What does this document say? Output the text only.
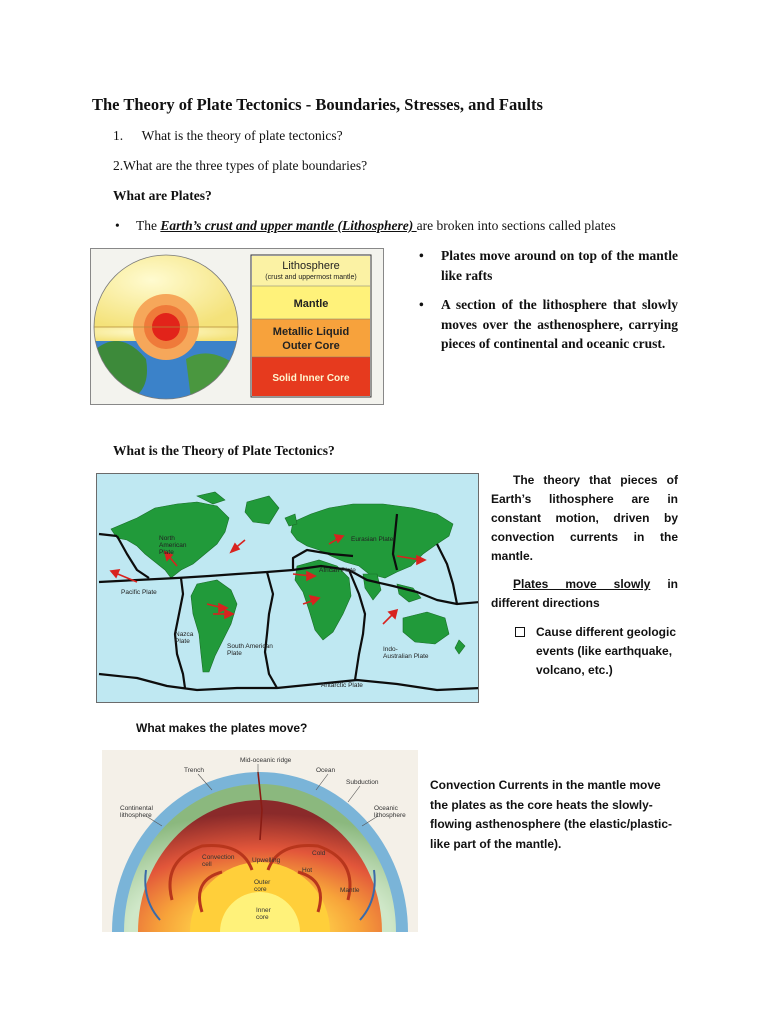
The Theory of Plate Tectonics - Boundaries, Stresses, and Faults
1. What is the theory of plate tectonics?
2.What are the three types of plate boundaries?
What are Plates?
• The Earth’s crust and upper mantle (Lithosphere) are broken into sections called plates
Lithosphere
(crust and uppermost mantle)
Mantle
Metallic Liquid
Outer Core
Solid Inner Core
• Plates move around on top of the mantle like rafts
• A section of the lithosphere that slowly moves over the asthenosphere, carrying pieces of continental and oceanic crust.
What is the Theory of Plate Tectonics?
North
American
Plate
Eurasian Plate
Pacific Plate
African Plate
Nazca
Plate
South American
Plate
Indo-
Australian Plate
Antarctic Plate
The theory that pieces of Earth’s lithosphere are in constant motion, driven by convection currents in the mantle.
Plates move slowly in different directions
Cause different geologic events (like earthquake, volcano, etc.)
What makes the plates move?
Mid-oceanic ridge
Trench	Ocean
Subduction
Continental
lithosphere
Oceanic
lithosphere
Convection
cell
Upwelling
Cold
Hot
Mantle
Outer
core
Inner
core
Convection Currents in the mantle move the plates as the core heats the slowly-flowing asthenosphere (the elastic/plastic-like part of the mantle).
